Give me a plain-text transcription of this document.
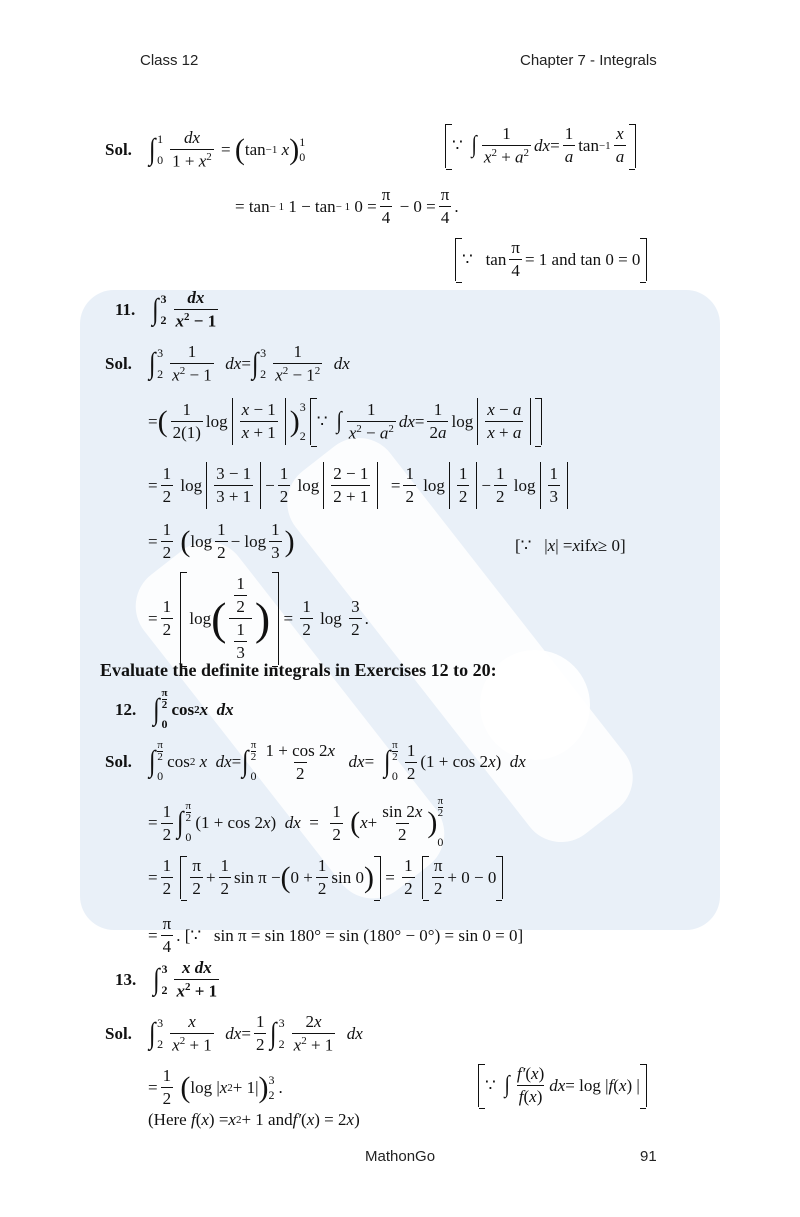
Class 12	Chapter 7 - Integrals
Sol. ∫ 1
$0 \frac{dx}{1 + x^2}$ = ( tan −1
x ) 1
0
∵ ∫ $\frac{1}{x^2 + a^2}$ dx = $\frac{1}{a}$ $\tan -1 \frac{x}{a}$
= tan − 1 1 − tan − 1 $0 = \frac{\pi}{4} - 0 = \frac{\pi}{4}$ .
∵   $\tan \frac{\pi}{4} = 1$ and tan 0 = 0
11. ∫ 3
$2 \frac{dx}{x^2 - 1}$
Sol. ∫ 3
$2 \frac{1}{x^2 - 1}$
dx = ∫ 3
$2 \frac{1}{x^2 - 1^2}$
dx
= ( $\frac{1}{2(1)}$ $\log \frac{x - 1}{x + 1}$ ) 3
2
∵ ∫ $\frac{1}{x^2 - a^2}$ dx = $\frac{1}{2a}$ $\log \frac{x - a}{x + a}$
= $\frac{1}{2}$ $\log \frac{3 - 1}{3 + 1} - \frac{1}{2}$ $\log \frac{2 - 1}{2 + 1} = \frac{1}{2}$ $\log \frac{1}{2} - \frac{1}{2}$ $\log \frac{1}{3}$
= $\frac{1}{2}$
( $\log \frac{1}{2} - \log \frac{1}{3}$ )	[∵   | x | = x if x ≥ 0]
= $\frac{1}{2}$
log ( $\frac{\frac{1}{2}}{\frac{1}{3}}$ ) = $\frac{1}{2}$ $\log \frac{3}{2}$ .
Evaluate the definite integrals in Exercises 12 to 20:
12. ∫ π
2
0
cos 2 x
dx
Sol. ∫ π
2
0
cos 2
x
dx = ∫ π
2
$0 \frac{1 + \cos 2x}{2}$
dx = ∫ π
2
$0 \frac{1}{2} (1 + \cos 2$ x ) dx
= $\frac{1}{2}$ ∫ π
2
0
(1 + cos 2 x ) dx = $\frac{1}{2}$
( $x + \frac{\sin 2x}{2}$ )
π
2
0
= $\frac{1}{2}$
$\frac{\pi}{2} + \frac{1}{2}$ sin π − ( $0 + \frac{1}{2}$ sin 0 ) = $\frac{1}{2}$
$\frac{\pi}{2} + 0 - 0$
= $\frac{\pi}{4}$ . [∵   sin π = sin 180° = sin (180° − 0°) = sin 0 = 0]
13. ∫ 3
$2 \frac{\text{x dx}}{x^2 + 1}$
Sol. ∫ 3
$2 \frac{x}{x^2 + 1}$
dx = $\frac{1}{2}$ ∫ 3
$2 \frac{2x}{x^2 + 1}$
dx
= $\frac{1}{2}$
( log | x 2 + 1| ) 3
2 .	∵ ∫ $\frac{f'(x)}{f(x)}$ dx = log | f ( x ) |
(Here f ( x ) = x 2 + 1 and f′ ( x ) = 2 x )
MathonGo	91
